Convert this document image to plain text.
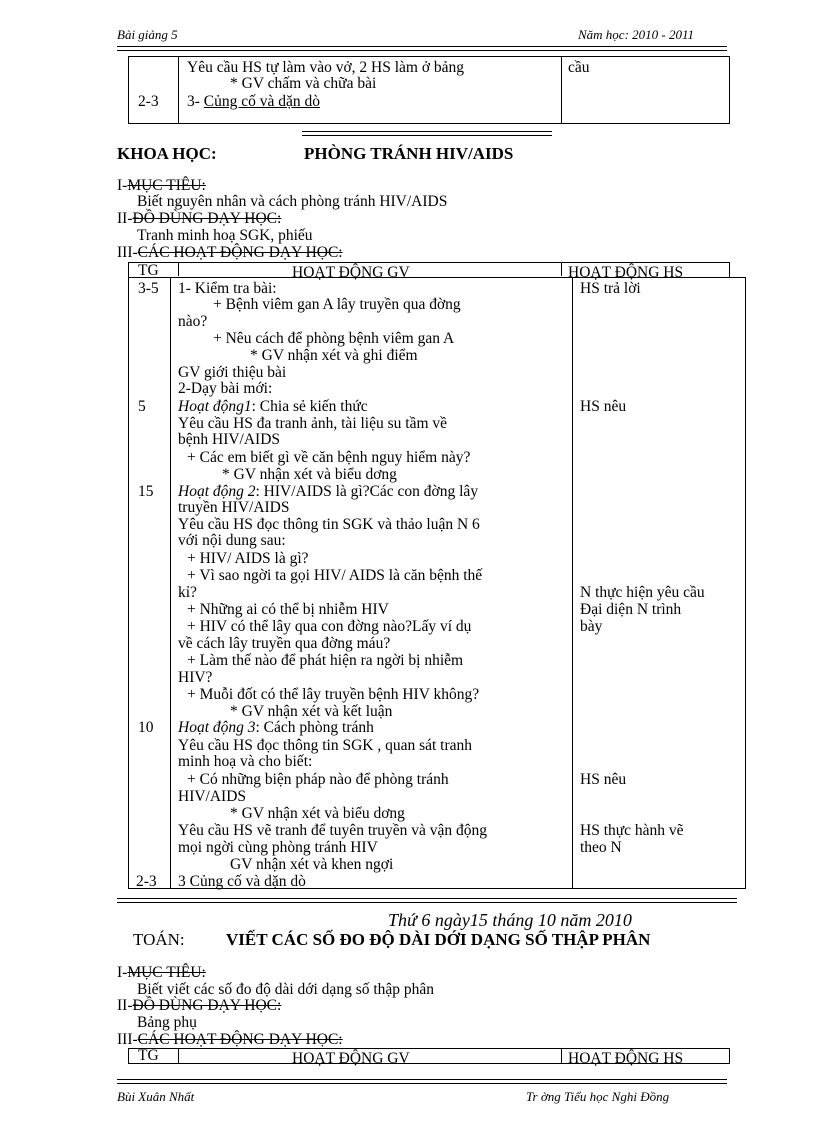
Bài giảng 5	Năm học: 2010 - 2011
Yêu cầu HS tự làm vào vở, 2 HS làm ở bảng	cầu
* GV chấm và chữa bài
2-3 3- Củng cố và dặn dò
KHOA HỌC:	PHÒNG TRÁNH HIV/AIDS
I-MỤC TIÊU:
Biết nguyên nhân và cách phòng tránh HIV/AIDS
II-ĐỒ DÙNG DẠY HỌC:
Tranh minh hoạ SGK, phiếu
III-CÁC HOẠT ĐỘNG DẠY HỌC:
TG	HOẠT ĐỘNG GV	HOẠT ĐỘNG HS
3-5 1- Kiểm tra bài:	HS trả lời
+ Bệnh viêm gan A lây truyền qua đờng
nào?
+ Nêu cách để phòng bệnh viêm gan A
* GV nhận xét và ghi điểm
GV giới thiệu bài
2-Dạy bài mới:
5 Hoạt động1: Chia sẻ kiến thức	HS nêu
Yêu cầu HS đa tranh ảnh, tài liệu su tầm về
bệnh HIV/AIDS
+ Các em biết gì về căn bệnh nguy hiểm này?
* GV nhận xét và biểu dơng
15 Hoạt động 2: HIV/AIDS là gì?Các con đờng lây
truyền HIV/AIDS
Yêu cầu HS đọc thông tin SGK và thảo luận N 6
với nội dung sau:
+ HIV/ AIDS là gì?
+ Vì sao ngời ta gọi HIV/ AIDS là căn bệnh thế
kỉ?	N thực hiện yêu cầu
+ Những ai có thể bị nhiễm HIV	Đại diện N trình
+ HIV có thể lây qua con đờng nào?Lấy ví dụ	bày
về cách lây truyền qua đờng máu?
+ Làm thế nào để phát hiện ra ngời bị nhiễm
HIV?
+ Muỗi đốt có thể lây truyền bệnh HIV không?
* GV nhận xét và kết luận
10 Hoạt động 3: Cách phòng tránh
Yêu cầu HS đọc thông tin SGK , quan sát tranh
minh hoạ và cho biết:
+ Có những biện pháp nào để phòng tránh	HS nêu
HIV/AIDS
* GV nhận xét và biểu dơng
Yêu cầu HS vẽ tranh để tuyên truyền và vận động	HS thực hành vẽ
mọi ngời cùng phòng tránh HIV	theo N
GV nhận xét và khen ngợi
2-3 3 Củng cố và dặn dò
Thứ 6 ngày15 tháng 10 năm 2010
TOÁN: VIẾT CÁC SỐ ĐO ĐỘ DÀI DỚI DẠNG SỐ THẬP PHÂN
I-MỤC TIÊU:
Biết viết các số đo độ dài dới dạng số thập phân
II-ĐỒ DÙNG DẠY HỌC:
Bảng phụ
III-CÁC HOẠT ĐỘNG DẠY HỌC:
TG	HOẠT ĐỘNG GV	HOẠT ĐỘNG HS
Bùi Xuân Nhất	Tr ờng Tiểu học Nghi Đồng
